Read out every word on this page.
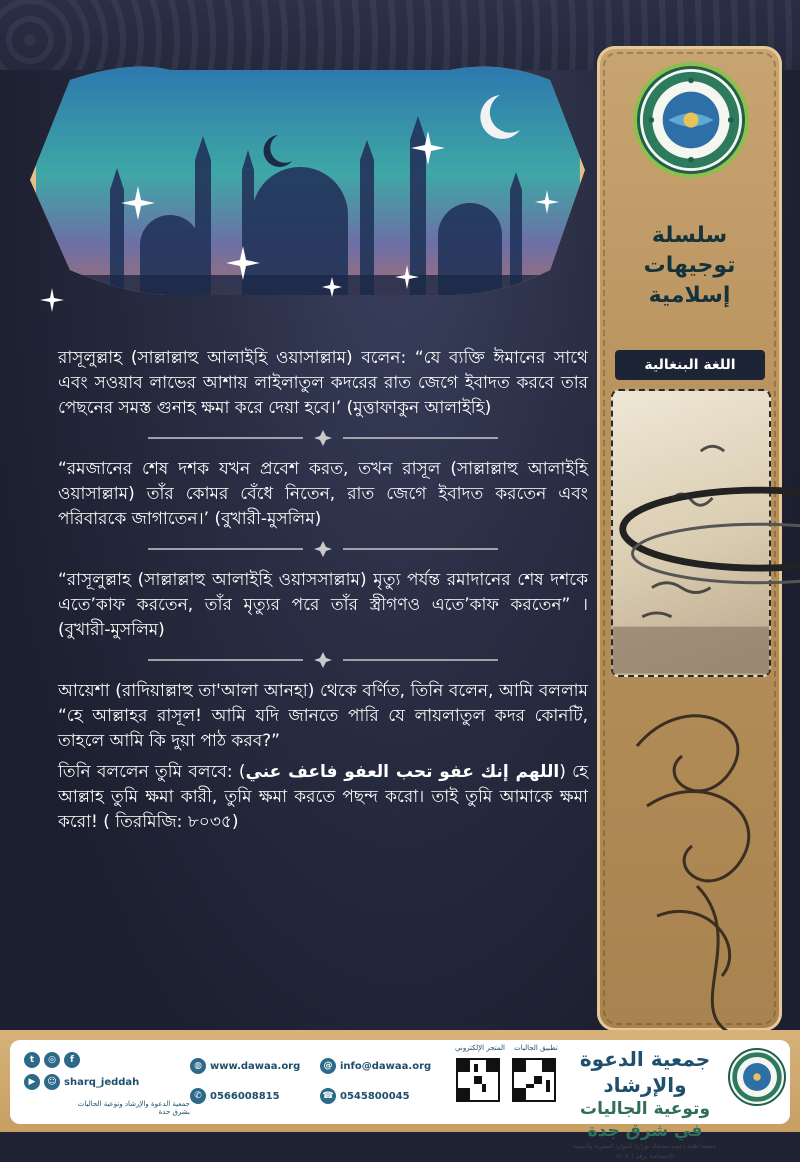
سلسلة
توجيهات
إسلامية
اللغة البنغالية

রাসূলুল্লাহ (সাল্লাল্লাহু আলাইহি ওয়াসাল্লাম) বলেন: “যে ব্যক্তি ঈমানের সাথে এবং সওয়াব লাভের আশায় লাইলাতুল কদরের রাত জেগে ইবাদত করবে তার পেছনের সমস্ত গুনাহ ক্ষমা করে দেয়া হবে।’ (মুত্তাফাকুন আলাইহি)

“রমজানের শেষ দশক যখন প্রবেশ করত, তখন রাসূল (সাল্লাল্লাহু আলাইহি ওয়াসাল্লাম) তাঁর কোমর বেঁধে নিতেন, রাত জেগে ইবাদত করতেন এবং পরিবারকে জাগাতেন।’ (বুখারী-মুসলিম)

“রাসূলুল্লাহ (সাল্লাল্লাহু আলাইহি ওয়াসসাল্লাম) মৃত্যু পর্যন্ত রমাদানের শেষ দশকে এতে’কাফ করতেন, তাঁর মৃত্যুর পরে তাঁর স্ত্রীগণও এতে’কাফ করতেন” । (বুখারী-মুসলিম)

আয়েশা (রাদিয়াল্লাহু তা'আলা আনহা) থেকে বর্ণিত, তিনি বলেন, আমি বললাম “হে আল্লাহর রাসূল! আমি যদি জানতে পারি যে লায়লাতুল কদর কোনটি, তাহলে আমি কি দুয়া পাঠ করব?”

তিনি বললেন তুমি বলবে: (اللهم إنك عفو تحب العفو فاعف عني) হে আল্লাহ তুমি ক্ষমা কারী, তুমি ক্ষমা করতে পছন্দ করো। তাই তুমি আমাকে ক্ষমা করো! ( তিরমিজি: ৮০৩৫)

t	◎	f
▶	☺ sharq_jeddah
جمعية الدعوة والإرشاد وتوعية الجاليات بشرق جدة
◍ www.dawaa.org
✆ 0566008815
@ info@dawaa.org
☎ 0545800045
المتجر الإلكتروني	تطبيق الجاليات	جمعية الدعوة والإرشاد
وتوعية الجاليات في شرق جدة
جمعية أهلية دعوية مسجلة بوزارة الموارد البشرية والتنمية الاجتماعية برقم (٢٠٧٠)
